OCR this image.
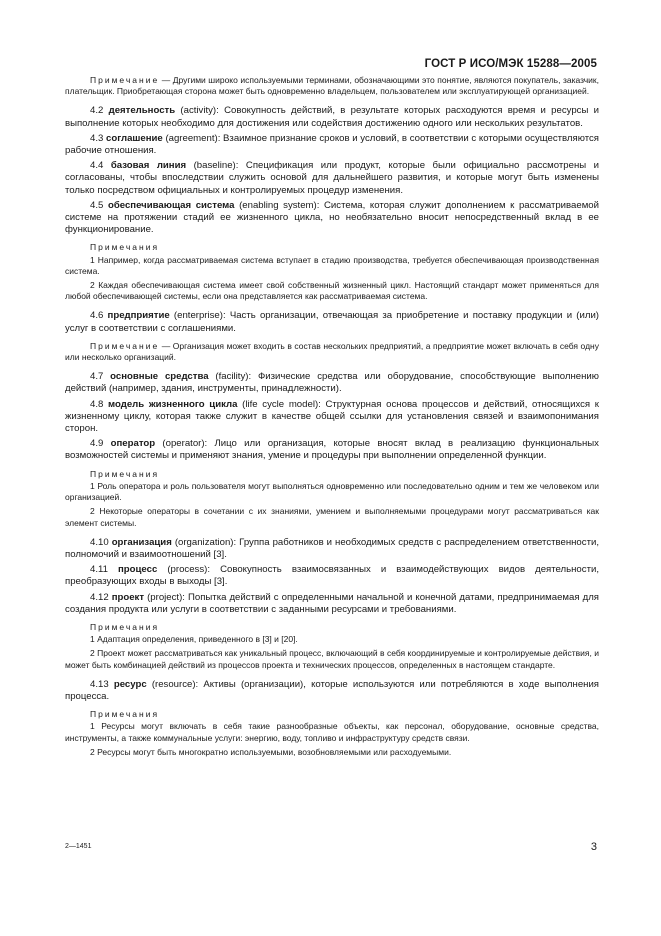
ГОСТ Р ИСО/МЭК 15288—2005

Примечание — Другими широко используемыми терминами, обозначающими это понятие, являются покупатель, заказчик, плательщик. Приобретающая сторона может быть одновременно владельцем, пользователем или эксплуатирующей организацией.

4.2 деятельность (activity): Совокупность действий, в результате которых расходуются время и ресурсы и выполнение которых необходимо для достижения или содействия достижению одного или нескольких результатов.

4.3 соглашение (agreement): Взаимное признание сроков и условий, в соответствии с которыми осуществляются рабочие отношения.

4.4 базовая линия (baseline): Спецификация или продукт, которые были официально рассмотрены и согласованы, чтобы впоследствии служить основой для дальнейшего развития, и которые могут быть изменены только посредством официальных и контролируемых процедур изменения.

4.5 обеспечивающая система (enabling system): Система, которая служит дополнением к рассматриваемой системе на протяжении стадий ее жизненного цикла, но необязательно вносит непосредственный вклад в ее функционирование.

Примечания

1 Например, когда рассматриваемая система вступает в стадию производства, требуется обеспечивающая производственная система.

2 Каждая обеспечивающая система имеет свой собственный жизненный цикл. Настоящий стандарт может применяться для любой обеспечивающей системы, если она представляется как рассматриваемая система.

4.6 предприятие (enterprise): Часть организации, отвечающая за приобретение и поставку продукции и (или) услуг в соответствии с соглашениями.

Примечание — Организация может входить в состав нескольких предприятий, а предприятие может включать в себя одну или несколько организаций.

4.7 основные средства (facility): Физические средства или оборудование, способствующие выполнению действий (например, здания, инструменты, принадлежности).

4.8 модель жизненного цикла (life cycle model): Структурная основа процессов и действий, относящихся к жизненному циклу, которая также служит в качестве общей ссылки для установления связей и взаимопонимания сторон.

4.9 оператор (operator): Лицо или организация, которые вносят вклад в реализацию функциональных возможностей системы и применяют знания, умение и процедуры при выполнении определенной функции.

Примечания

1 Роль оператора и роль пользователя могут выполняться одновременно или последовательно одним и тем же человеком или организацией.

2 Некоторые операторы в сочетании с их знаниями, умением и выполняемыми процедурами могут рассматриваться как элемент системы.

4.10 организация (organization): Группа работников и необходимых средств с распределением ответственности, полномочий и взаимоотношений [3].

4.11 процесс (process): Совокупность взаимосвязанных и взаимодействующих видов деятельности, преобразующих входы в выходы [3].

4.12 проект (project): Попытка действий с определенными начальной и конечной датами, предпринимаемая для создания продукта или услуги в соответствии с заданными ресурсами и требованиями.

Примечания

1 Адаптация определения, приведенного в [3] и [20].

2 Проект может рассматриваться как уникальный процесс, включающий в себя координируемые и контролируемые действия, и может быть комбинацией действий из процессов проекта и технических процессов, определенных в настоящем стандарте.

4.13 ресурс (resource): Активы (организации), которые используются или потребляются в ходе выполнения процесса.

Примечания

1 Ресурсы могут включать в себя такие разнообразные объекты, как персонал, оборудование, основные средства, инструменты, а также коммунальные услуги: энергию, воду, топливо и инфраструктуру средств связи.

2 Ресурсы могут быть многократно используемыми, возобновляемыми или расходуемыми.

2—1451	3
